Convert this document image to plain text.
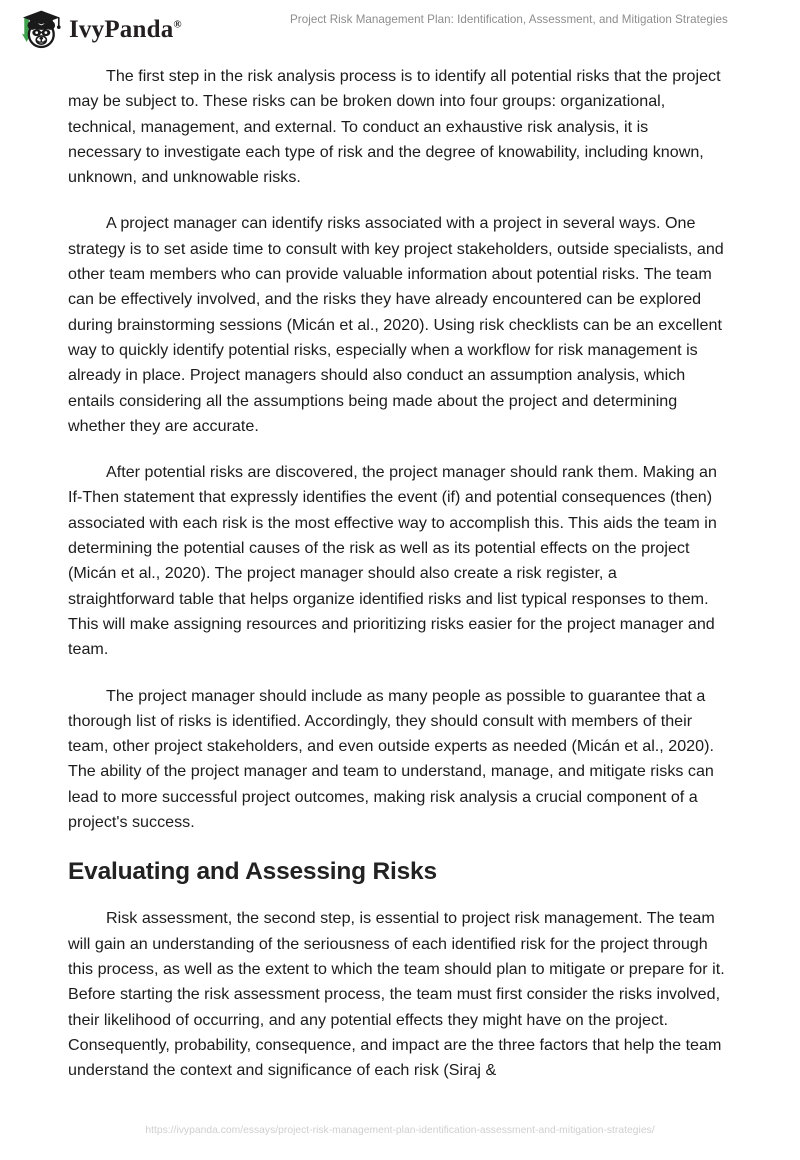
IvyPanda®	Project Risk Management Plan: Identification, Assessment, and Mitigation Strategies

The first step in the risk analysis process is to identify all potential risks that the project may be subject to. These risks can be broken down into four groups: organizational, technical, management, and external. To conduct an exhaustive risk analysis, it is necessary to investigate each type of risk and the degree of knowability, including known, unknown, and unknowable risks.

A project manager can identify risks associated with a project in several ways. One strategy is to set aside time to consult with key project stakeholders, outside specialists, and other team members who can provide valuable information about potential risks. The team can be effectively involved, and the risks they have already encountered can be explored during brainstorming sessions (Micán et al., 2020). Using risk checklists can be an excellent way to quickly identify potential risks, especially when a workflow for risk management is already in place. Project managers should also conduct an assumption analysis, which entails considering all the assumptions being made about the project and determining whether they are accurate.

After potential risks are discovered, the project manager should rank them. Making an If-Then statement that expressly identifies the event (if) and potential consequences (then) associated with each risk is the most effective way to accomplish this. This aids the team in determining the potential causes of the risk as well as its potential effects on the project (Micán et al., 2020). The project manager should also create a risk register, a straightforward table that helps organize identified risks and list typical responses to them. This will make assigning resources and prioritizing risks easier for the project manager and team.

The project manager should include as many people as possible to guarantee that a thorough list of risks is identified. Accordingly, they should consult with members of their team, other project stakeholders, and even outside experts as needed (Micán et al., 2020). The ability of the project manager and team to understand, manage, and mitigate risks can lead to more successful project outcomes, making risk analysis a crucial component of a project's success.

Evaluating and Assessing Risks

Risk assessment, the second step, is essential to project risk management. The team will gain an understanding of the seriousness of each identified risk for the project through this process, as well as the extent to which the team should plan to mitigate or prepare for it. Before starting the risk assessment process, the team must first consider the risks involved, their likelihood of occurring, and any potential effects they might have on the project. Consequently, probability, consequence, and impact are the three factors that help the team understand the context and significance of each risk (Siraj &

https://ivypanda.com/essays/project-risk-management-plan-identification-assessment-and-mitigation-strategies/
